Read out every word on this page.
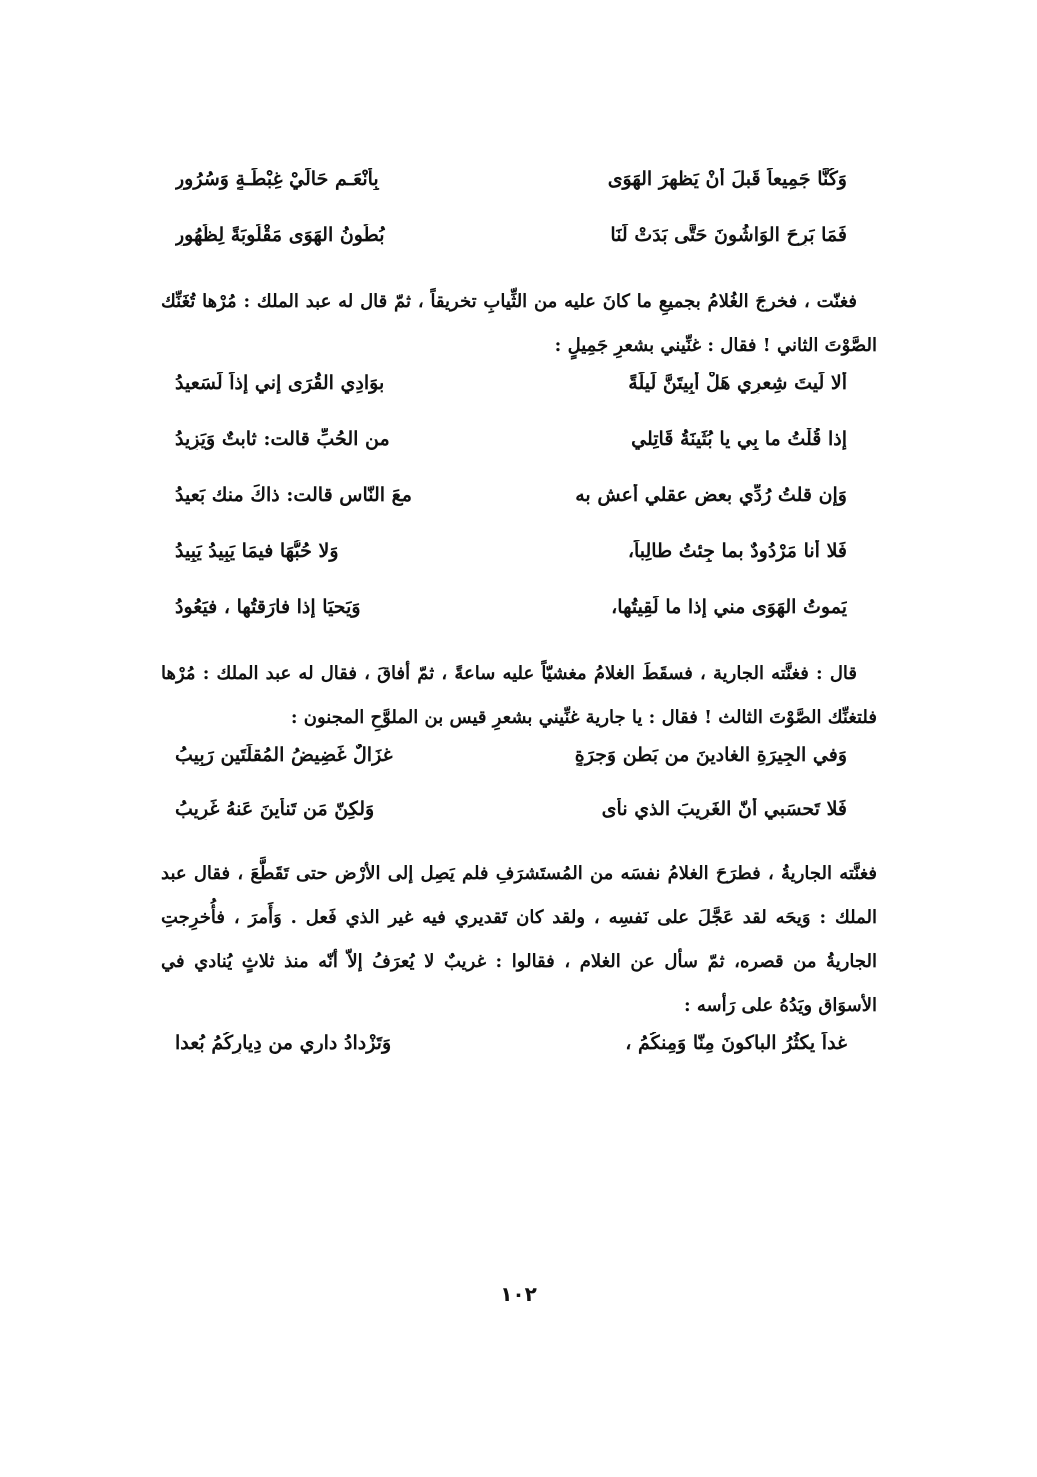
وَكُنَّا جَمِيعاً قَبلَ أَنْ يَظهرَ الهَوَى
بِأَنْعَـم حَالَيْ غِبْطَـةٍ وَسُرُورِ
فَمَا بَرِحَ الوَاشُونَ حَتَّى بَدَتْ لَنَا
بُطُونُ الهَوَى مَقْلُوبَةً لِظُهُورِ

فغنّت ، فخرجَ الغُلامُ بجميعِ ما كانَ عليه من الثِّيابِ تخريقاً ، ثمّ قال له عبد الملك : مُرْها تُغَنِّك الصَّوْتَ الثاني ! فقال : غنِّيني بشعرِ جَمِيلٍ :

ألا لَيتَ شِعرِي هَلْ أَبِيتَنَّ لَيلَةً
بوَادِي القُرَى إني إذاً لَسَعيدُ
إذا قُلْتُ ما بِي يا بُثَينَةُ قَاتِلي
من الحُبِّ قالت: ثابتٌ وَيَزِيدُ
وَإن قلتُ رُدِّي بعض عقلي أعش به
معَ النّاسِ قالت: ذاكَ منك بَعيدُ
فَلا أنا مَرْدُودٌ بما جِئتُ طالِباً،
وَلا حُبُّهَا فيمَا يَبِيدُ يَبِيدُ
يَموتُ الهَوَى مني إذا ما لَقِيتُها،
وَيَحيَا إذا فارَقتُها ، فيَعُودُ

قال : فغنَّته الجارية ، فسقَطَ الغلامُ مغشيّاً عليه ساعةً ، ثمّ أفاقَ ، فقال له عبد الملك : مُرْها فلتغنِّك الصَّوْتَ الثالث ! فقال : يا جارية غنِّيني بشعرِ قيس بن الملوَّحِ المجنون :

وَفي الجِيرَةِ الغادينَ من بَطنِ وَجرَةٍ
غزَالٌ غَضِيضُ المُقلَتَينِ رَبِيبُ
فَلا تَحسَبي أنّ الغَرِيبَ الذي نأى
وَلكِنّ مَن تَنأينَ عَنهُ غَرِيبُ

فغنَّته الجاريةُ ، فطرَحَ الغلامُ نفسَه من المُستَشرَفِ فلم يَصِل إلى الأرْض حتى تَقَطَّعَ ، فقال عبد الملك : وَيحَه لقد عَجَّلَ على نَفسِه ، ولقد كان تَقديري فيه غير الذي فَعل . وَأَمرَ ، فأُخرِجتِ الجاريةُ من قصره، ثمّ سأل عن الغلام ، فقالوا : غريبٌ لا يُعرَفُ إلاّ أنّه منذ ثلاثٍ يُنادي في الأسوَاق ويَدُهُ على رَأسه :

غداً يكثُرُ الباكونَ مِنّا وَمِنكُمُ ،
وَتَزْدادُ داري من دِيارِكُمُ بُعدا
١٠٢
